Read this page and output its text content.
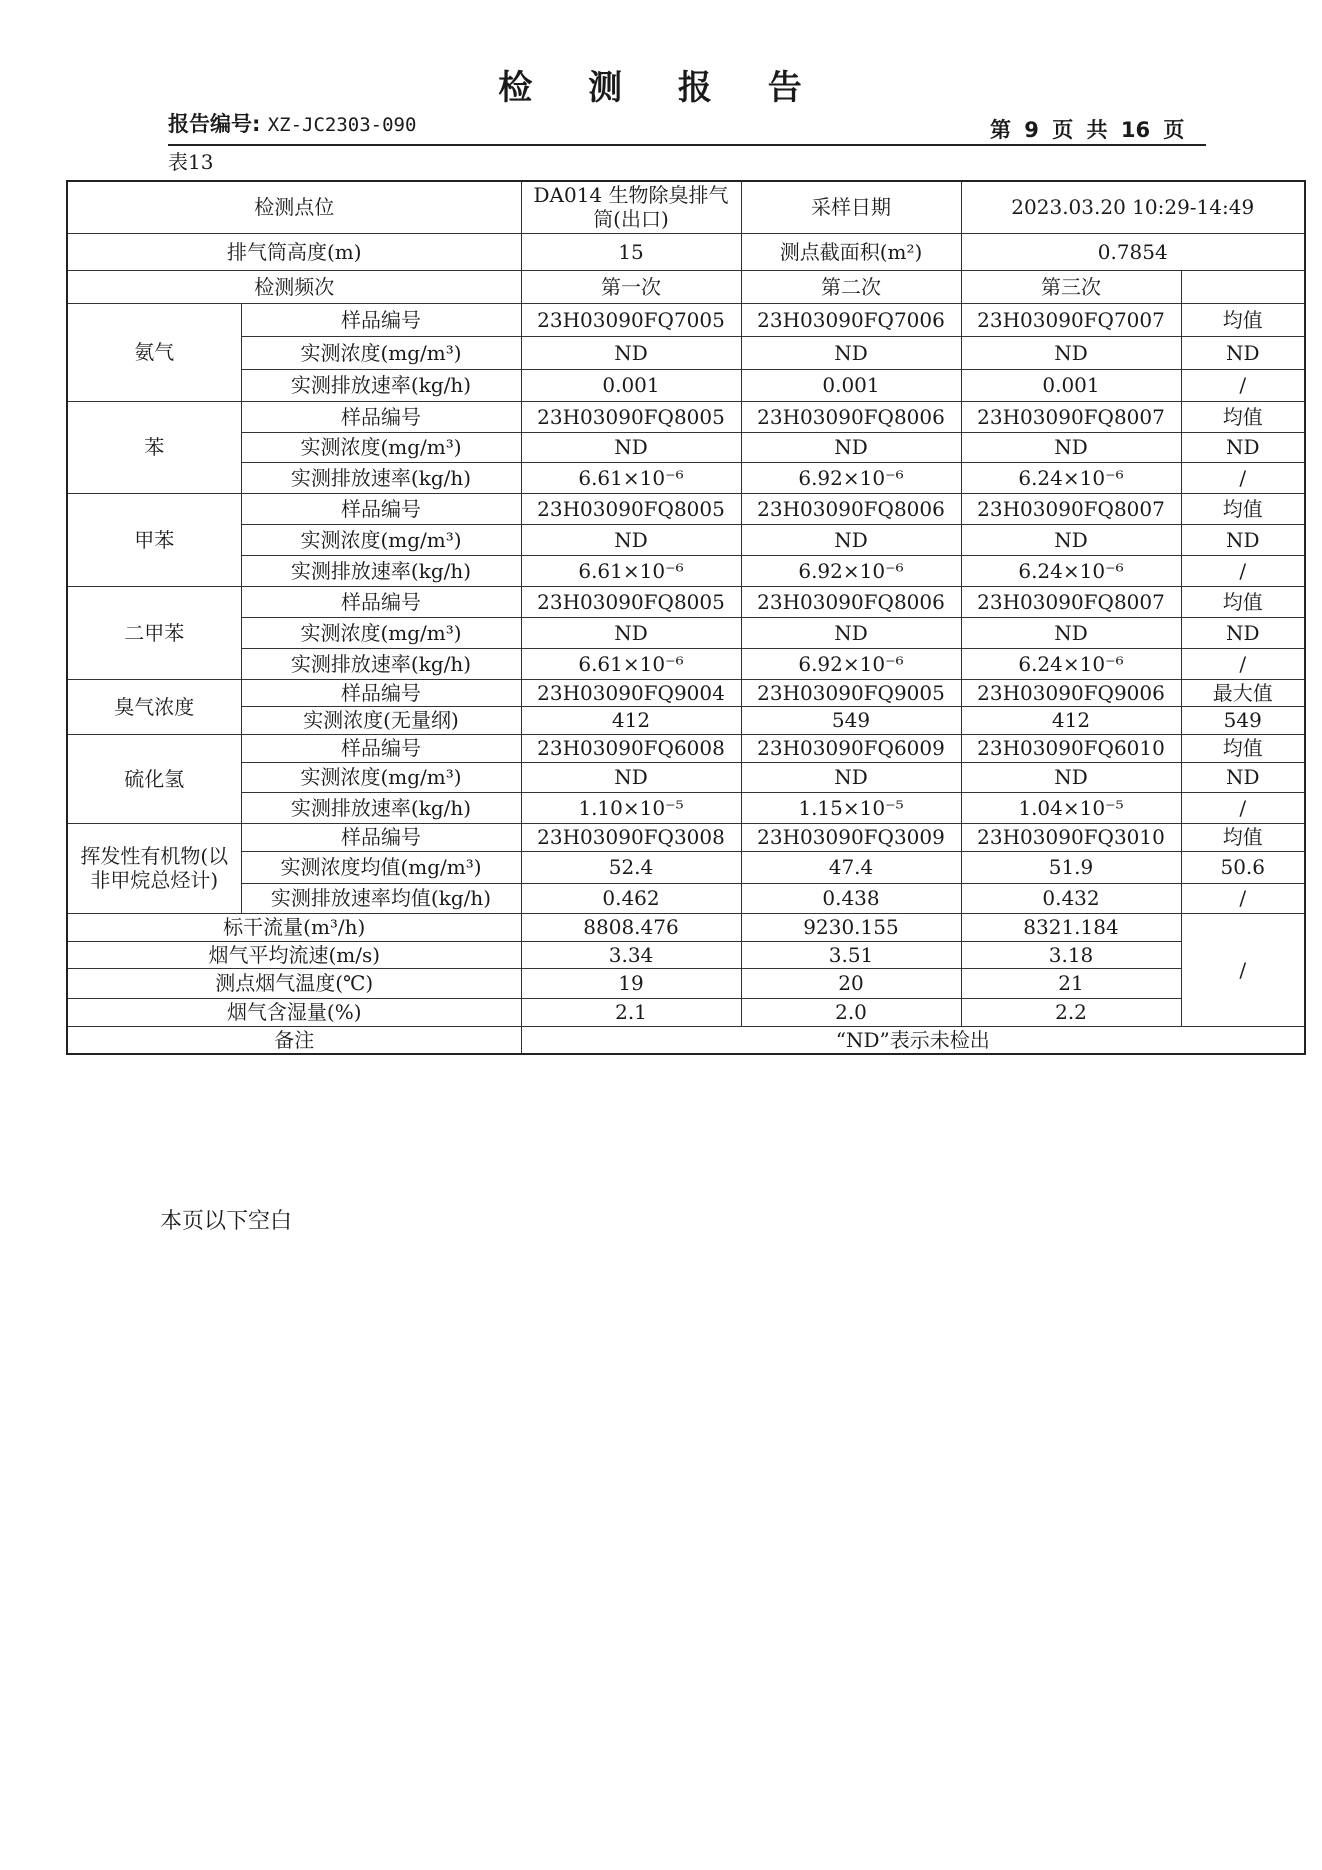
检 测 报 告
报告编号: XZ-JC2303-090	第 9 页 共 16 页
表13
检测点位		DA014 生物除臭排气筒(出口)	采样日期	2023.03.20 10:29-14:49	
排气筒高度(m)		15	测点截面积(m²)	0.7854	
检测频次		第一次	第二次	第三次	
氨气	样品编号	23H03090FQ7005	23H03090FQ7006	23H03090FQ7007	均值
	实测浓度(mg/m³)	ND	ND	ND	ND
	实测排放速率(kg/h)	0.001	0.001	0.001	/
苯	样品编号	23H03090FQ8005	23H03090FQ8006	23H03090FQ8007	均值
	实测浓度(mg/m³)	ND	ND	ND	ND
	实测排放速率(kg/h)	6.61×10⁻⁶	6.92×10⁻⁶	6.24×10⁻⁶	/
甲苯	样品编号	23H03090FQ8005	23H03090FQ8006	23H03090FQ8007	均值
	实测浓度(mg/m³)	ND	ND	ND	ND
	实测排放速率(kg/h)	6.61×10⁻⁶	6.92×10⁻⁶	6.24×10⁻⁶	/
二甲苯	样品编号	23H03090FQ8005	23H03090FQ8006	23H03090FQ8007	均值
	实测浓度(mg/m³)	ND	ND	ND	ND
	实测排放速率(kg/h)	6.61×10⁻⁶	6.92×10⁻⁶	6.24×10⁻⁶	/
臭气浓度	样品编号	23H03090FQ9004	23H03090FQ9005	23H03090FQ9006	最大值
	实测浓度(无量纲)	412	549	412	549
硫化氢	样品编号	23H03090FQ6008	23H03090FQ6009	23H03090FQ6010	均值
	实测浓度(mg/m³)	ND	ND	ND	ND
	实测排放速率(kg/h)	1.10×10⁻⁵	1.15×10⁻⁵	1.04×10⁻⁵	/
挥发性有机物(以非甲烷总烃计)	样品编号	23H03090FQ3008	23H03090FQ3009	23H03090FQ3010	均值
	实测浓度均值(mg/m³)	52.4	47.4	51.9	50.6
	实测排放速率均值(kg/h)	0.462	0.438	0.432	/
标干流量(m³/h)		8808.476	9230.155	8321.184	/
烟气平均流速(m/s)		3.34	3.51	3.18	
测点烟气温度(℃)		19	20	21	
烟气含湿量(%)		2.1	2.0	2.2	
备注		“ND”表示未检出			
本页以下空白
